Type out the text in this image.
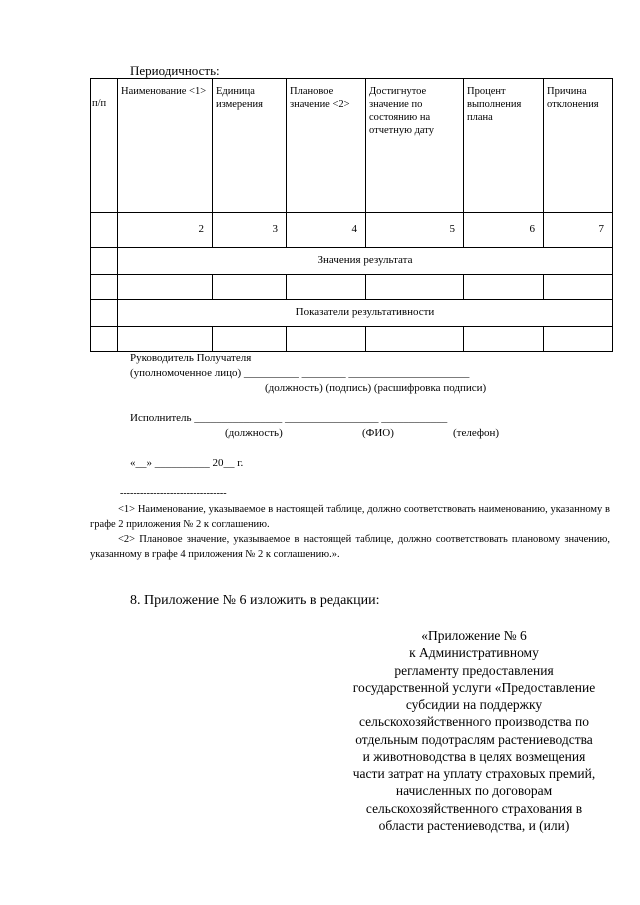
Периодичность:
п/п	Наименование <1>	Единица измерения	Плановое значение <2>	Достигнутое значение по состоянию на отчетную дату	Процент выполнения плана	Причина отклонения
	2	3	4	5	6	7
	Значения результата					

	Показатели результативности					

Руководитель Получателя
(уполномоченное лицо) __________ ________ ______________________
(должность) (подпись) (расшифровка подписи)
Исполнитель ________________ _________________ ____________
(должность)	(ФИО)	(телефон)
«__» __________ 20__ г.
--------------------------------
<1> Наименование, указываемое в настоящей таблице, должно соответствовать наименованию, указанному в графе 2 приложения № 2 к соглашению.
<2> Плановое значение, указываемое в настоящей таблице, должно соответствовать плановому значению, указанному в графе 4 приложения № 2 к соглашению.».
8. Приложение № 6 изложить в редакции:
«Приложение № 6
к Административному
регламенту предоставления
государственной услуги «Предоставление
субсидии на поддержку
сельскохозяйственного производства по
отдельным подотраслям растениеводства
и животноводства в целях возмещения
части затрат на уплату страховых премий,
начисленных по договорам
сельскохозяйственного страхования в
области растениеводства, и (или)
